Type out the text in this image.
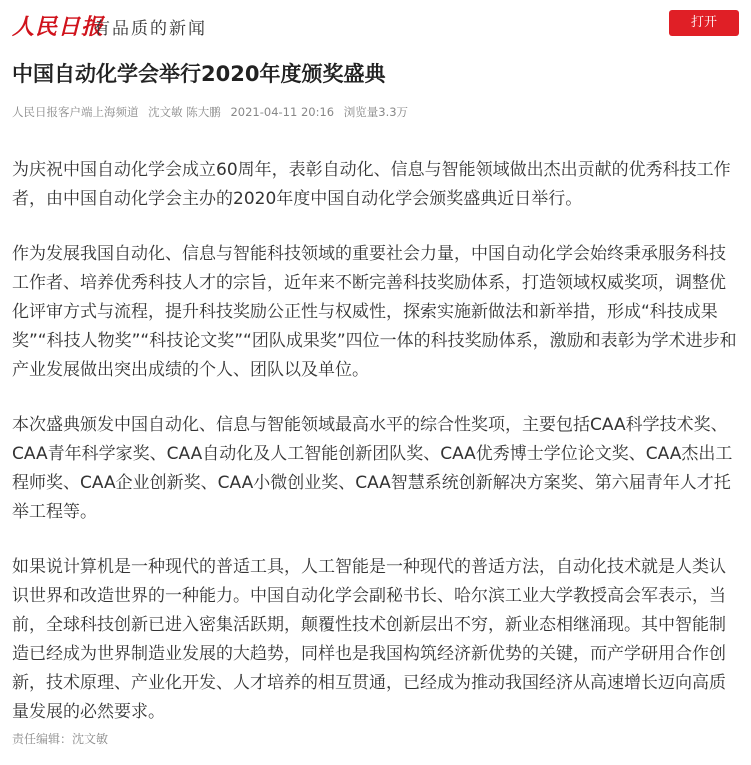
人民日报
有品质的新闻	打开
中国自动化学会举行2020年度颁奖盛典
人民日报客户端上海频道 沈文敏 陈大鹏 2021-04-11 20:16 浏览量3.3万

为庆祝中国自动化学会成立60周年，表彰自动化、信息与智能领域做出杰出贡献的优秀科技工作者，由中国自动化学会主办的2020年度中国自动化学会颁奖盛典近日举行。

作为发展我国自动化、信息与智能科技领域的重要社会力量，中国自动化学会始终秉承服务科技工作者、培养优秀科技人才的宗旨，近年来不断完善科技奖励体系，打造领域权威奖项，调整优化评审方式与流程，提升科技奖励公正性与权威性，探索实施新做法和新举措，形成“科技成果奖”“科技人物奖”“科技论文奖”“团队成果奖”四位一体的科技奖励体系，激励和表彰为学术进步和产业发展做出突出成绩的个人、团队以及单位。

本次盛典颁发中国自动化、信息与智能领域最高水平的综合性奖项，主要包括CAA科学技术奖、CAA青年科学家奖、CAA自动化及人工智能创新团队奖、CAA优秀博士学位论文奖、CAA杰出工程师奖、CAA企业创新奖、CAA小微创业奖、CAA智慧系统创新解决方案奖、第六届青年人才托举工程等。

如果说计算机是一种现代的普适工具，人工智能是一种现代的普适方法，自动化技术就是人类认识世界和改造世界的一种能力。中国自动化学会副秘书长、哈尔滨工业大学教授高会军表示，当前，全球科技创新已进入密集活跃期，颠覆性技术创新层出不穷，新业态相继涌现。其中智能制造已经成为世界制造业发展的大趋势，同样也是我国构筑经济新优势的关键，而产学研用合作创新，技术原理、产业化开发、人才培养的相互贯通，已经成为推动我国经济从高速增长迈向高质量发展的必然要求。

责任编辑：沈文敏
